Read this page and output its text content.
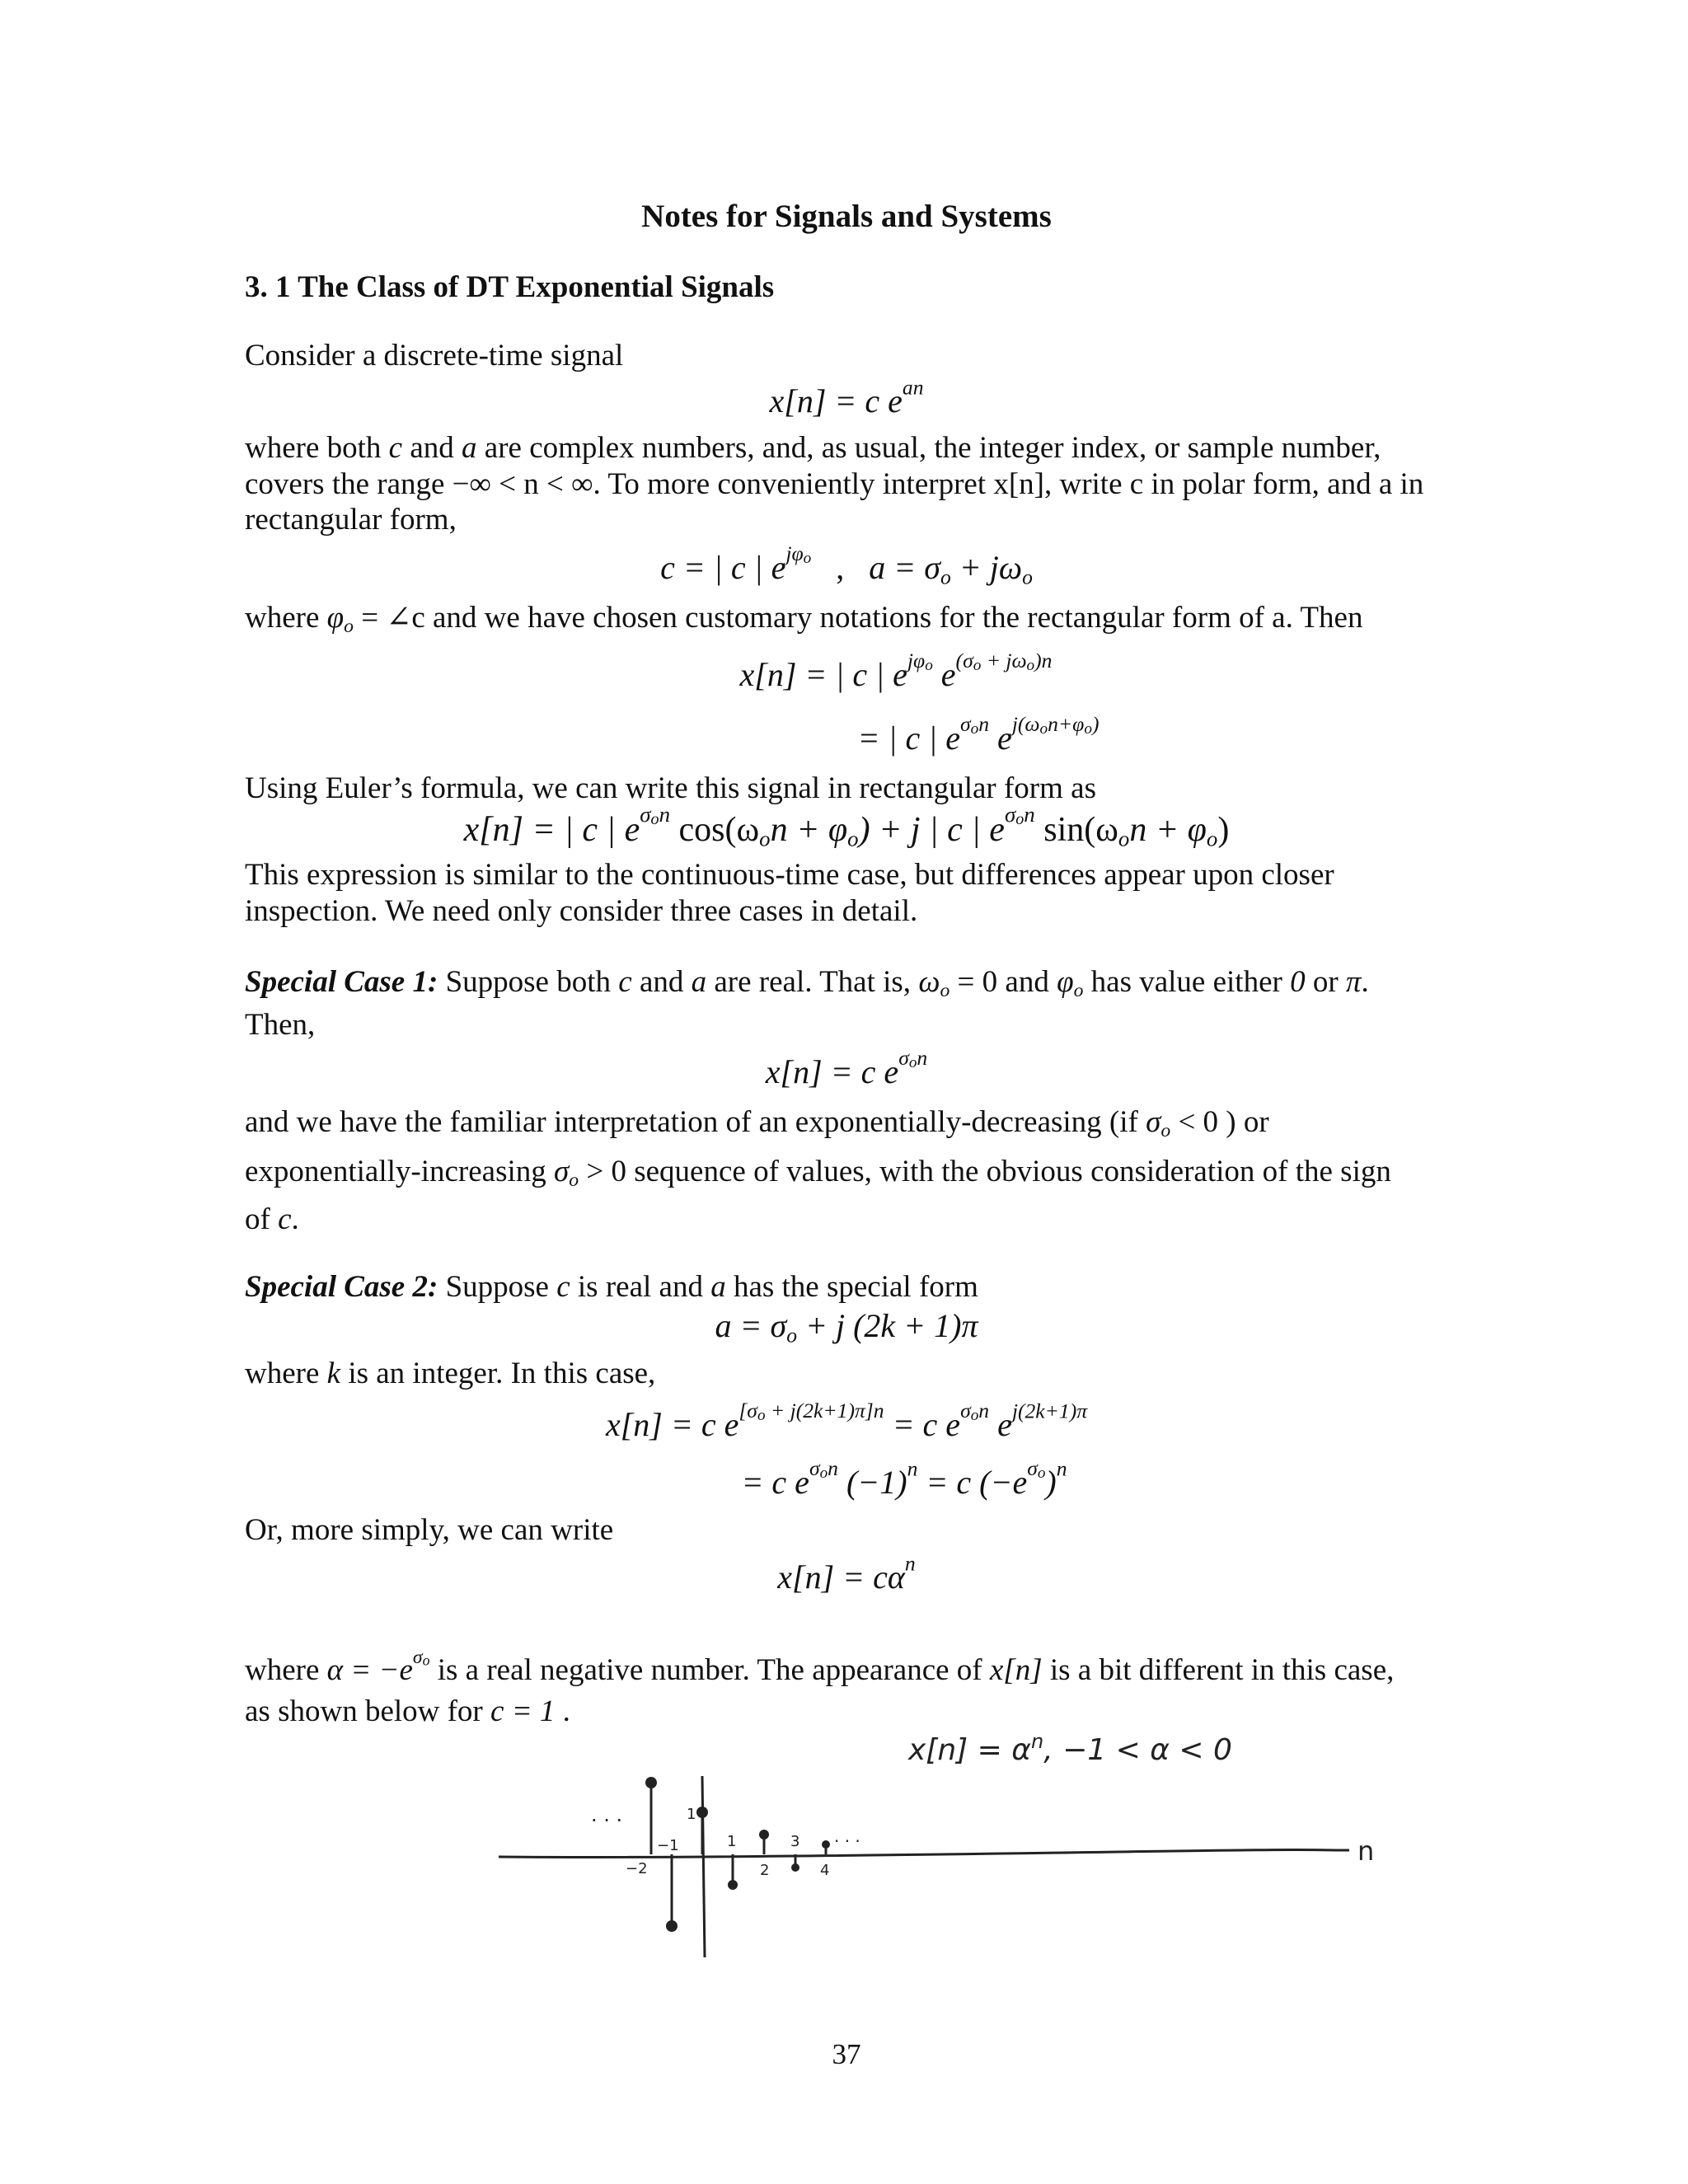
Notes for Signals and Systems
3. 1 The Class of DT Exponential Signals

Consider a discrete-time signal

x[n] = c $e^{an}$

where both c and a are complex numbers, and, as usual, the integer index, or sample number, covers the range −∞ < n < ∞. To more conveniently interpret x[n], write c in polar form, and a in rectangular form,

c = | c | $e^{j\varphi_o}$   ,   $a = \sigma_o + j\omega_o$

where $\varphi_o$ = ∠c and we have chosen customary notations for the rectangular form of a. Then

x[n] = | c | $e^{j\varphi_o}$ $e^{(\sigma_o + j\omega_o)n}$

= | c | $e^{\sigma_on}$ $e^{j(\omega_on+\varphi_o)}$

Using Euler’s formula, we can write this signal in rectangular form as

x[n] = | c | $e^{\sigma_on}$ $\cos(\omega_on + \varphi_o) + j$ | c | $e^{\sigma_on}$ $\sin(\omega_on + \varphi_o)$

This expression is similar to the continuous-time case, but differences appear upon closer inspection. We need only consider three cases in detail.

Special Case 1: Suppose both c and a are real. That is, $\omega_o = 0$ and $\varphi_o$ has value either 0 or π.

Then,

x[n] = c $e^{\sigma_on}$

and we have the familiar interpretation of an exponentially-decreasing (if $\sigma_o < 0$ ) or

exponentially-increasing $\sigma_o > 0$ sequence of values, with the obvious consideration of the sign

of c.

Special Case 2: Suppose c is real and a has the special form

$a = \sigma_o + j$ (2k + 1)π

where k is an integer. In this case,

x[n] = c $e^{[\sigma_o + j(2k+1)\pi]n} = c$ $e^{\sigma_on}$ $e^{j(2k+1)\pi}$

= c $e^{\sigma_on}$ $(-1)^n = c$ $(-e^{\sigma_o})^n$

Or, more simply, we can write

$x[n] = c\alpha^n$

where $\alpha = -e^{\sigma_o}$ is a real negative number. The appearance of x[n] is a bit different in this case,

as shown below for c = 1 .

$x[n] = \alpha^n$, −1 < α < 0
n
−2
−1	1
2
3
4
1
· · ·
· · ·
37
